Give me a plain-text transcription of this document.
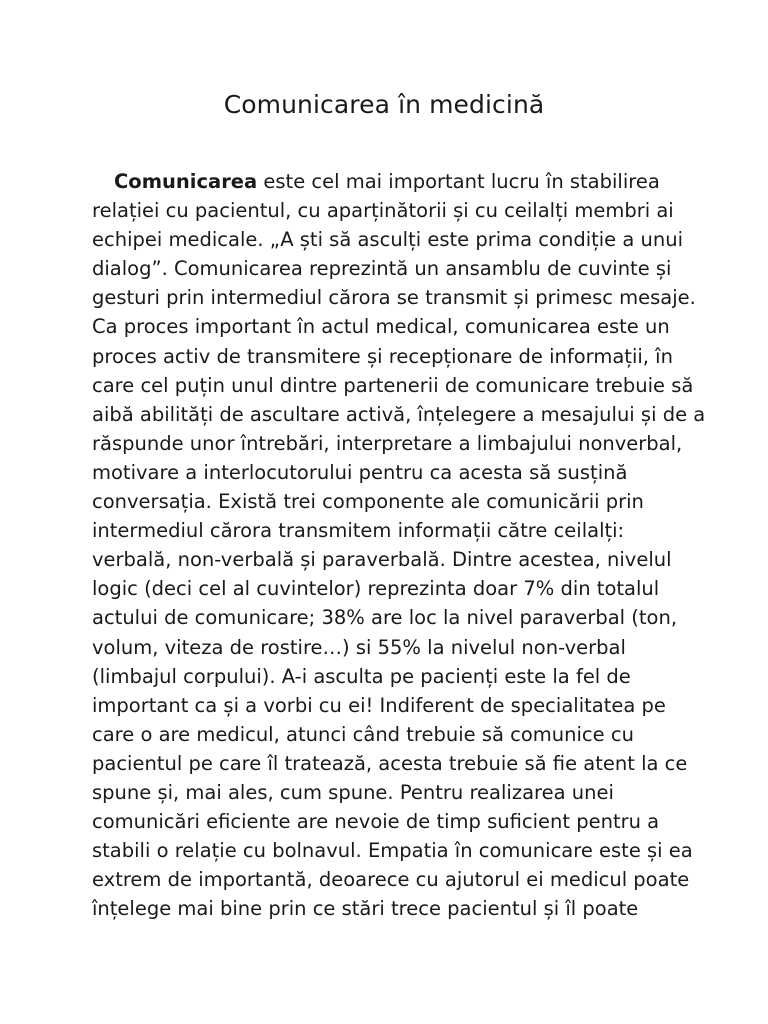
Comunicarea în medicină
Comunicarea este cel mai important lucru în stabilirea
relației cu pacientul, cu aparținătorii și cu ceilalți membri ai
echipei medicale. „A ști să asculți este prima condiție a unui
dialog”. Comunicarea reprezintă un ansamblu de cuvinte și
gesturi prin intermediul cărora se transmit și primesc mesaje.
Ca proces important în actul medical, comunicarea este un
proces activ de transmitere și recepționare de informații, în
care cel puțin unul dintre partenerii de comunicare trebuie să
aibă abilități de ascultare activă, înțelegere a mesajului și de a
răspunde unor întrebări, interpretare a limbajului nonverbal,
motivare a interlocutorului pentru ca acesta să susțină
conversația. Există trei componente ale comunicării prin
intermediul cărora transmitem informații către ceilalți:
verbală, non-verbală și paraverbală. Dintre acestea, nivelul
logic (deci cel al cuvintelor) reprezinta doar 7% din totalul
actului de comunicare; 38% are loc la nivel paraverbal (ton,
volum, viteza de rostire…) si 55% la nivelul non-verbal
(limbajul corpului). A-i asculta pe pacienți este la fel de
important ca și a vorbi cu ei! Indiferent de specialitatea pe
care o are medicul, atunci când trebuie să comunice cu
pacientul pe care îl tratează, acesta trebuie să fie atent la ce
spune și, mai ales, cum spune. Pentru realizarea unei
comunicări eficiente are nevoie de timp suficient pentru a
stabili o relație cu bolnavul. Empatia în comunicare este și ea
extrem de importantă, deoarece cu ajutorul ei medicul poate
înțelege mai bine prin ce stări trece pacientul și îl poate
